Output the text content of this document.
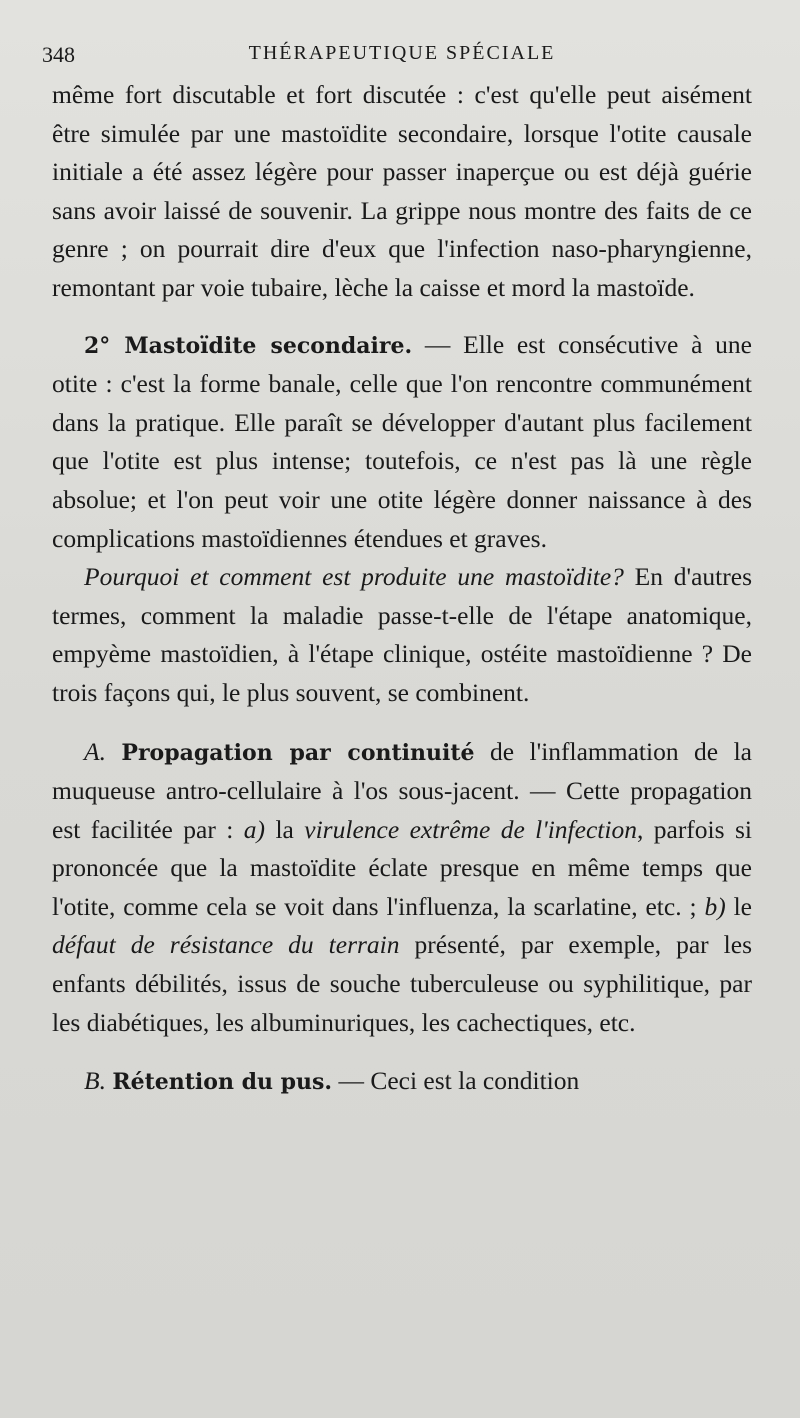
348	THÉRAPEUTIQUE SPÉCIALE

même fort discutable et fort discutée : c'est qu'elle peut aisément être simulée par une mastoïdite secondaire, lorsque l'otite causale initiale a été assez légère pour passer inaperçue ou est déjà guérie sans avoir laissé de souvenir. La grippe nous montre des faits de ce genre ; on pourrait dire d'eux que l'infection naso-pharyngienne, remontant par voie tubaire, lèche la caisse et mord la mastoïde.

2° Mastoïdite secondaire. — Elle est consécutive à une otite : c'est la forme banale, celle que l'on rencontre communément dans la pratique. Elle paraît se développer d'autant plus facilement que l'otite est plus intense; toutefois, ce n'est pas là une règle absolue; et l'on peut voir une otite légère donner naissance à des complications mastoïdiennes étendues et graves.

Pourquoi et comment est produite une mastoïdite? En d'autres termes, comment la maladie passe-t-elle de l'étape anatomique, empyème mastoïdien, à l'étape clinique, ostéite mastoïdienne ? De trois façons qui, le plus souvent, se combinent.

A. Propagation par continuité de l'inflammation de la muqueuse antro-cellulaire à l'os sous-jacent. — Cette propagation est facilitée par : a) la virulence extrême de l'infection, parfois si prononcée que la mastoïdite éclate presque en même temps que l'otite, comme cela se voit dans l'influenza, la scarlatine, etc. ; b) le défaut de résistance du terrain présenté, par exemple, par les enfants débilités, issus de souche tuberculeuse ou syphilitique, par les diabétiques, les albuminuriques, les cachectiques, etc.

B. Rétention du pus. — Ceci est la condition
